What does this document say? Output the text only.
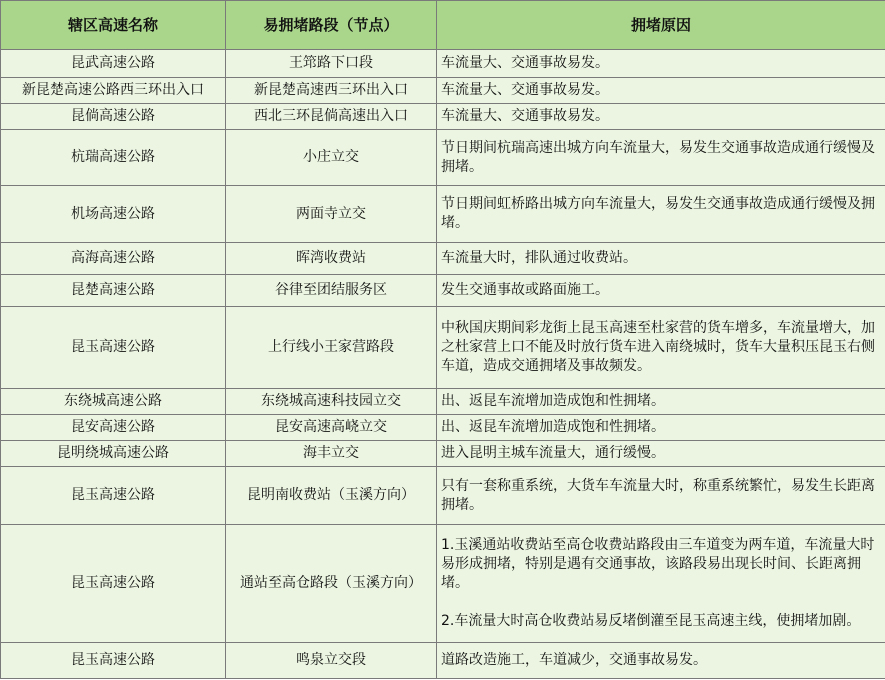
辖区高速名称	易拥堵路段（节点）	拥堵原因
昆武高速公路	王筇路下口段	车流量大、交通事故易发。

新昆楚高速公路西三环出入口	新昆楚高速西三环出入口	车流量大、交通事故易发。

昆倘高速公路	西北三环昆倘高速出入口	车流量大、交通事故易发。

杭瑞高速公路	小庄立交	节日期间杭瑞高速出城方向车流量大，易发生交通事故造成通行缓慢及拥堵。

机场高速公路	两面寺立交	节日期间虹桥路出城方向车流量大，易发生交通事故造成通行缓慢及拥堵。

高海高速公路	晖湾收费站	车流量大时，排队通过收费站。

昆楚高速公路	谷律至团结服务区	发生交通事故或路面施工。

昆玉高速公路	上行线小王家营路段	中秋国庆期间彩龙街上昆玉高速至杜家营的货车增多，车流量增大，加之杜家营上口不能及时放行货车进入南绕城时，货车大量积压昆玉右侧车道，造成交通拥堵及事故频发。

东绕城高速公路	东绕城高速科技园立交	出、返昆车流增加造成饱和性拥堵。

昆安高速公路	昆安高速高峣立交	出、返昆车流增加造成饱和性拥堵。

昆明绕城高速公路	海丰立交	进入昆明主城车流量大，通行缓慢。

昆玉高速公路	昆明南收费站（玉溪方向）	只有一套称重系统，大货车车流量大时，称重系统繁忙，易发生长距离拥堵。

昆玉高速公路	通站至高仓路段（玉溪方向）	1.玉溪通站收费站至高仓收费站路段由三车道变为两车道，车流量大时易形成拥堵，特别是遇有交通事故，该路段易出现长时间、长距离拥堵。
2.车流量大时高仓收费站易反堵倒灌至昆玉高速主线，使拥堵加剧。

昆玉高速公路	鸣泉立交段	道路改造施工，车道减少，交通事故易发。
